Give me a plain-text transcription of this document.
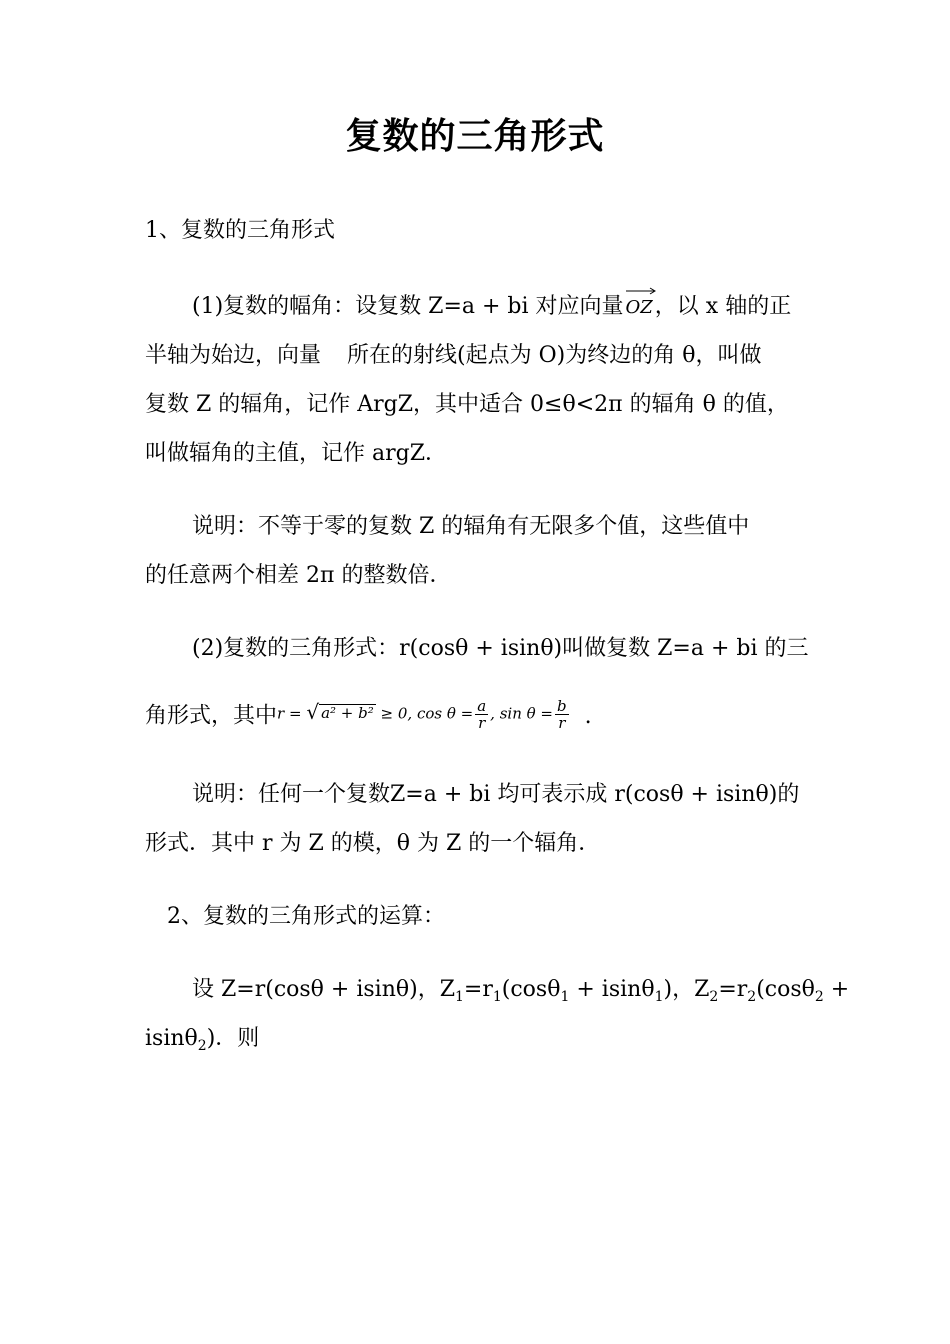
复数的三角形式
1、复数的三角形式
(1)复数的幅角：设复数 Z=a + bi 对应向量 OZ，以 x 轴的正
半轴为始边，向量 所在的射线(起点为 O)为终边的角 θ，叫做
复数 Z 的辐角，记作 ArgZ，其中适合 0≤θ<2π 的辐角 θ 的值，
叫做辐角的主值，记作 argZ．
说明：不等于零的复数 Z 的辐角有无限多个值，这些值中
的任意两个相差 2π 的整数倍．
(2)复数的三角形式：r(cosθ + isinθ)叫做复数 Z=a + bi 的三
角形式，其中r = √ a² + b² ≥ 0, $\cos \theta = \frac{a}{r}$ , $\sin \theta = \frac{b}{r}$ .
说明：任何一个复数Z=a + bi 均可表示成 r(cosθ + isinθ)的
形式．其中 r 为 Z 的模，θ 为 Z 的一个辐角．
2、复数的三角形式的运算：
设 Z=r(cosθ + isinθ)，$Z_1=r_1(\cos\theta_1 + isin\theta_1)$，$Z_2=r_2(\cos\theta_2$ +
isinθ$_2$)．则
